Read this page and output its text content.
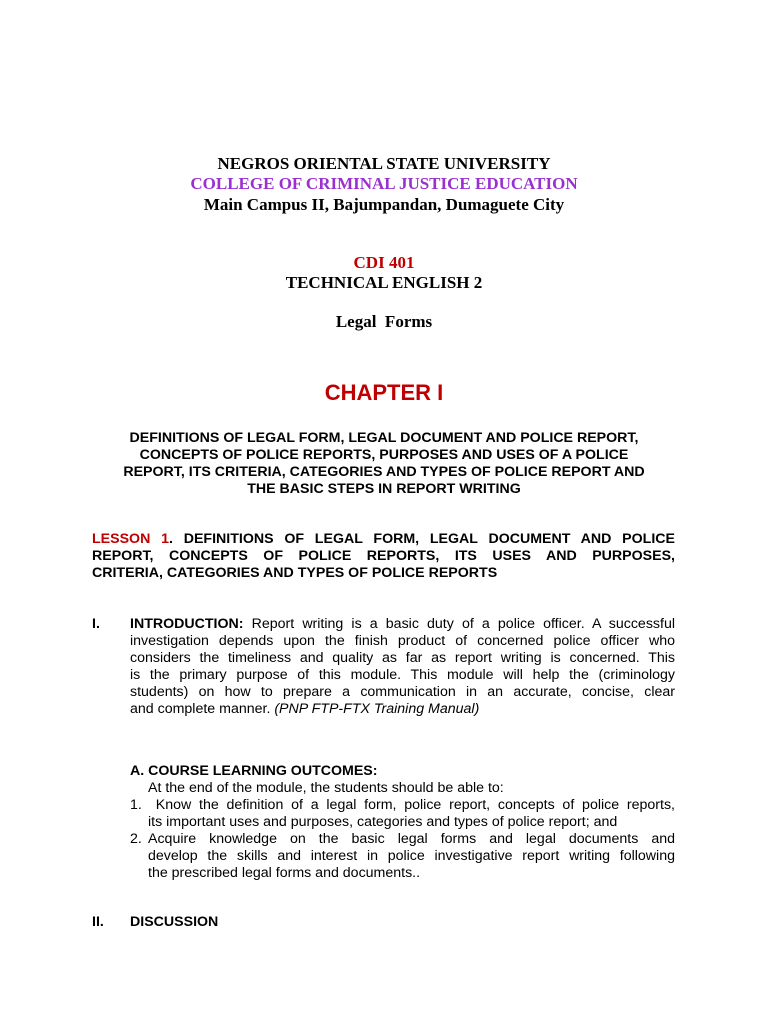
NEGROS ORIENTAL STATE UNIVERSITY
COLLEGE OF CRIMINAL JUSTICE EDUCATION
Main Campus II, Bajumpandan, Dumaguete City
CDI 401
TECHNICAL ENGLISH 2
Legal  Forms
CHAPTER I
DEFINITIONS OF LEGAL FORM, LEGAL DOCUMENT AND POLICE REPORT,
CONCEPTS OF POLICE REPORTS, PURPOSES AND USES OF A POLICE
REPORT, ITS CRITERIA, CATEGORIES AND TYPES OF POLICE REPORT AND
THE BASIC STEPS IN REPORT WRITING
LESSON 1. DEFINITIONS OF LEGAL FORM, LEGAL DOCUMENT AND POLICE
REPORT, CONCEPTS OF POLICE REPORTS, ITS USES AND PURPOSES,
CRITERIA, CATEGORIES AND TYPES OF POLICE REPORTS
I. INTRODUCTION: Report writing is a basic duty of a police officer. A successful
investigation depends upon the finish product of concerned police officer who
considers the timeliness and quality as far as report writing is concerned. This
is the primary purpose of this module. This module will help the (criminology
students) on how to prepare a communication in an accurate, concise, clear
and complete manner. (PNP FTP-FTX Training Manual)
A. COURSE LEARNING OUTCOMES:
At the end of the module, the students should be able to:
1. Know the definition of a legal form, police report, concepts of police reports,
its important uses and purposes, categories and types of police report; and
2. Acquire knowledge on the basic legal forms and legal documents and
develop the skills and interest in police investigative report writing following
the prescribed legal forms and documents..
II. DISCUSSION
